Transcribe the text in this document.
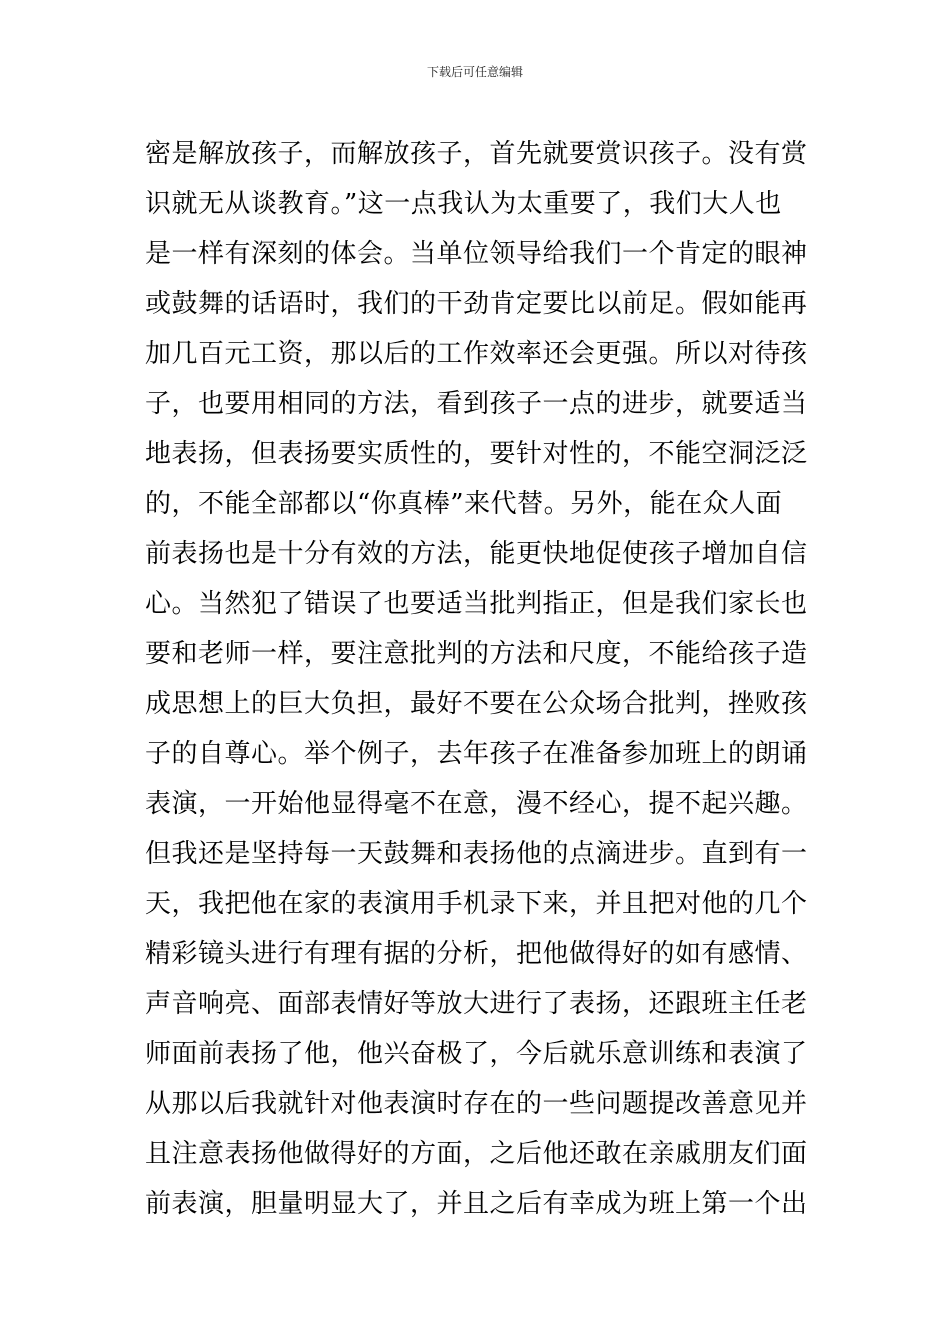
下载后可任意编辑
密是解放孩子，而解放孩子，首先就要赏识孩子。没有赏
识就无从谈教育。”这一点我认为太重要了，我们大人也
是一样有深刻的体会。当单位领导给我们一个肯定的眼神
或鼓舞的话语时，我们的干劲肯定要比以前足。假如能再
加几百元工资，那以后的工作效率还会更强。所以对待孩
子，也要用相同的方法，看到孩子一点的进步，就要适当
地表扬，但表扬要实质性的，要针对性的，不能空洞泛泛
的，不能全部都以“你真棒”来代替。另外，能在众人面
前表扬也是十分有效的方法，能更快地促使孩子增加自信
心。当然犯了错误了也要适当批判指正，但是我们家长也
要和老师一样，要注意批判的方法和尺度，不能给孩子造
成思想上的巨大负担，最好不要在公众场合批判，挫败孩
子的自尊心。举个例子，去年孩子在准备参加班上的朗诵
表演，一开始他显得毫不在意，漫不经心，提不起兴趣。
但我还是坚持每一天鼓舞和表扬他的点滴进步。直到有一
天，我把他在家的表演用手机录下来，并且把对他的几个
精彩镜头进行有理有据的分析，把他做得好的如有感情、
声音响亮、面部表情好等放大进行了表扬，还跟班主任老
师面前表扬了他，他兴奋极了，今后就乐意训练和表演了
从那以后我就针对他表演时存在的一些问题提改善意见并
且注意表扬他做得好的方面，之后他还敢在亲戚朋友们面
前表演，胆量明显大了，并且之后有幸成为班上第一个出
